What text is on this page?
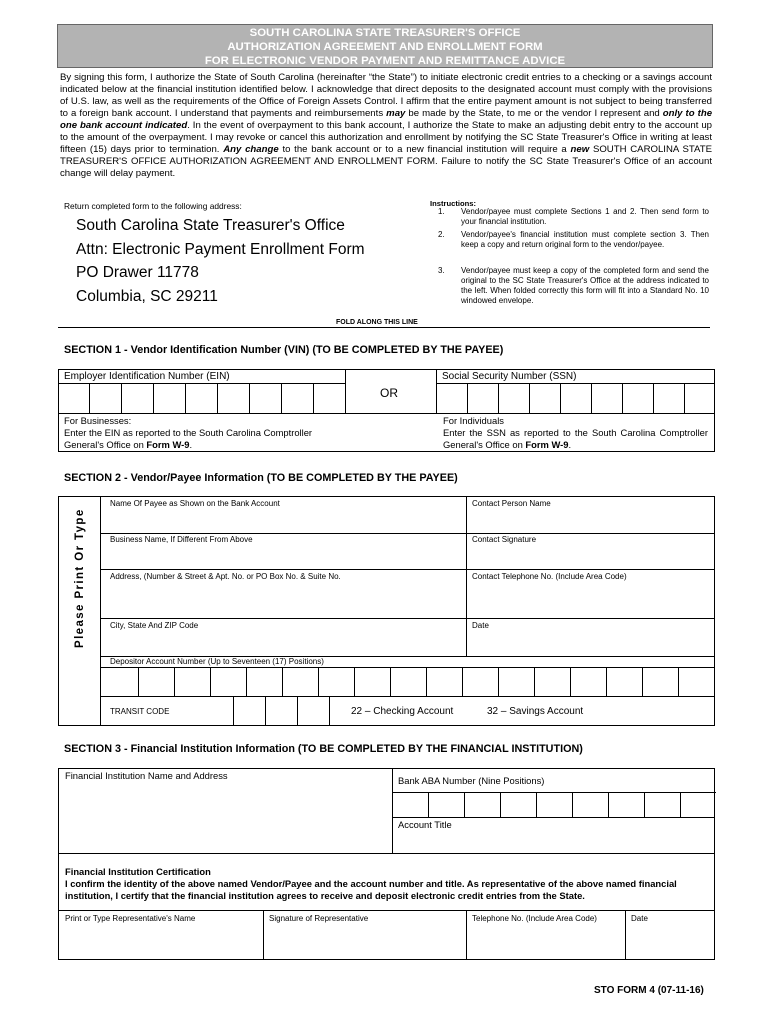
SOUTH CAROLINA STATE TREASURER'S OFFICE
AUTHORIZATION AGREEMENT AND ENROLLMENT FORM
FOR ELECTRONIC VENDOR PAYMENT AND REMITTANCE ADVICE
By signing this form, I authorize the State of South Carolina (hereinafter “the State”) to initiate electronic credit entries to a checking or a savings account indicated below at the financial institution identified below. I acknowledge that direct deposits to the designated account must comply with the provisions of U.S. law, as well as the requirements of the Office of Foreign Assets Control. I affirm that the entire payment amount is not subject to being transferred to a foreign bank account. I understand that payments and reimbursements may be made by the State, to me or the vendor I represent and only to the one bank account indicated. In the event of overpayment to this bank account, I authorize the State to make an adjusting debit entry to the account up to the amount of the overpayment. I may revoke or cancel this authorization and enrollment by notifying the SC State Treasurer's Office in writing at least fifteen (15) days prior to termination. Any change to the bank account or to a new financial institution will require a new SOUTH CAROLINA STATE TREASURER'S OFFICE AUTHORIZATION AGREEMENT AND ENROLLMENT FORM. Failure to notify the SC State Treasurer's Office of an account change will delay payment.
Return completed form to the following address:
South Carolina State Treasurer's Office
Attn: Electronic Payment Enrollment Form
PO Drawer 11778
Columbia, SC 29211
Instructions:
1. Vendor/payee must complete Sections 1 and 2. Then send form to your financial institution.
2. Vendor/payee's financial institution must complete section 3. Then keep a copy and return original form to the vendor/payee.
3. Vendor/payee must keep a copy of the completed form and send the original to the SC State Treasurer's Office at the address indicated to the left. When folded correctly this form will fit into a Standard No. 10 windowed envelope.
FOLD ALONG THIS LINE
SECTION 1 - Vendor Identification Number (VIN) (TO BE COMPLETED BY THE PAYEE)
Employer Identification Number (EIN)	Social Security Number (SSN)
OR
For Businesses:
Enter the EIN as reported to the South Carolina Comptroller General's Office on Form W-9.
For Individuals
Enter the SSN as reported to the South Carolina Comptroller General's Office on Form W-9.
SECTION 2 - Vendor/Payee Information (TO BE COMPLETED BY THE PAYEE)
Please Print Or Type
Name Of Payee as Shown on the Bank Account	Contact Person Name
Business Name, If Different From Above	Contact Signature
Address, (Number & Street & Apt. No. or PO Box No. & Suite No.	Contact Telephone No. (Include Area Code)
City, State And ZIP Code	Date
Depositor Account Number (Up to Seventeen (17) Positions)
TRANSIT CODE	22 – Checking Account	32 – Savings Account
SECTION 3 - Financial Institution Information (TO BE COMPLETED BY THE FINANCIAL INSTITUTION)
Financial Institution Name and Address	Bank ABA Number (Nine Positions)
Account Title
Financial Institution Certification
I confirm the identity of the above named Vendor/Payee and the account number and title. As representative of the above named financial institution, I certify that the financial institution agrees to receive and deposit electronic credit entries from the State.
Print or Type Representative's Name	Signature of Representative	Telephone No. (Include Area Code)	Date
STO FORM 4 (07-11-16)
